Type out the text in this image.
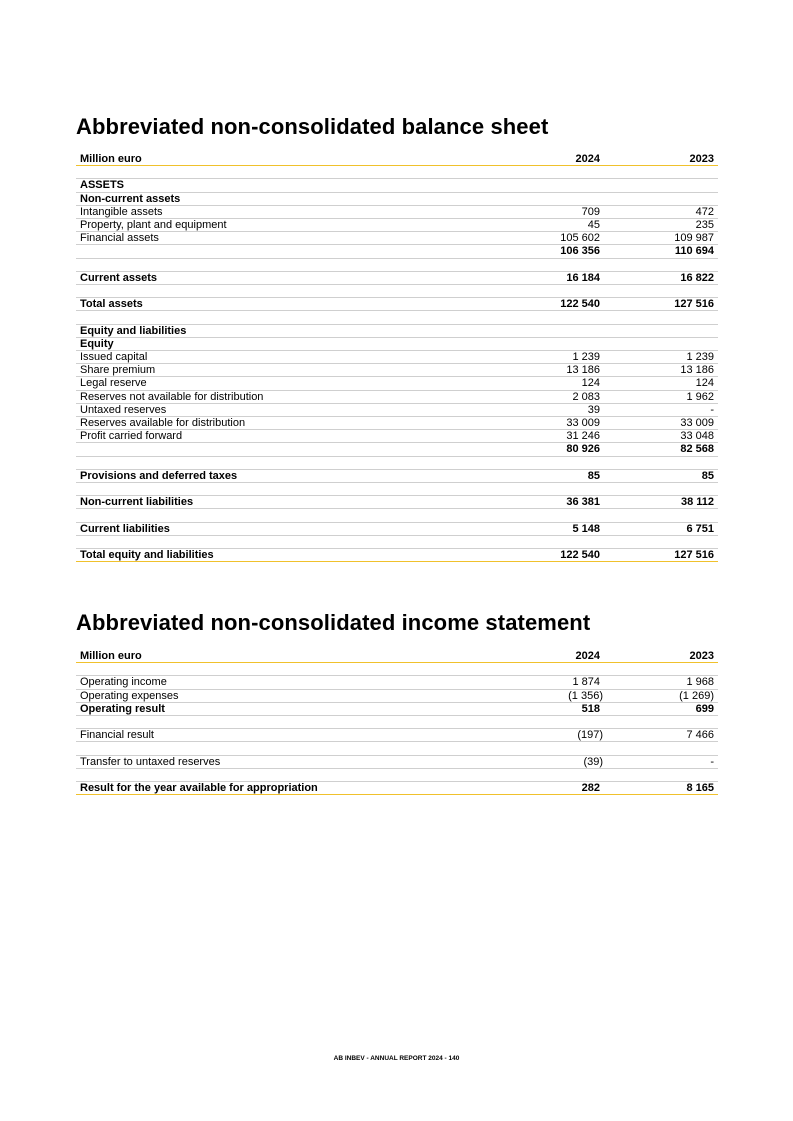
Abbreviated non-consolidated balance sheet
Million euro	2024	2023

ASSETS		
Non-current assets		
Intangible assets	709	472
Property, plant and equipment	45	235
Financial assets	105 602	109 987
	106 356	110 694

Current assets	16 184	16 822

Total assets	122 540	127 516

Equity and liabilities		
Equity		
Issued capital	1 239	1 239
Share premium	13 186	13 186
Legal reserve	124	124
Reserves not available for distribution	2 083	1 962
Untaxed reserves	39	-
Reserves available for distribution	33 009	33 009
Profit carried forward	31 246	33 048
	80 926	82 568

Provisions and deferred taxes	85	85

Non-current liabilities	36 381	38 112

Current liabilities	5 148	6 751

Total equity and liabilities	122 540	127 516
Abbreviated non-consolidated income statement
Million euro	2024	2023

Operating income	1 874	1 968
Operating expenses	(1 356)	(1 269)
Operating result	518	699

Financial result	(197)	7 466

Transfer to untaxed reserves	(39)	-

Result for the year available for appropriation	282	8 165
AB INBEV - ANNUAL REPORT 2024 - 140
